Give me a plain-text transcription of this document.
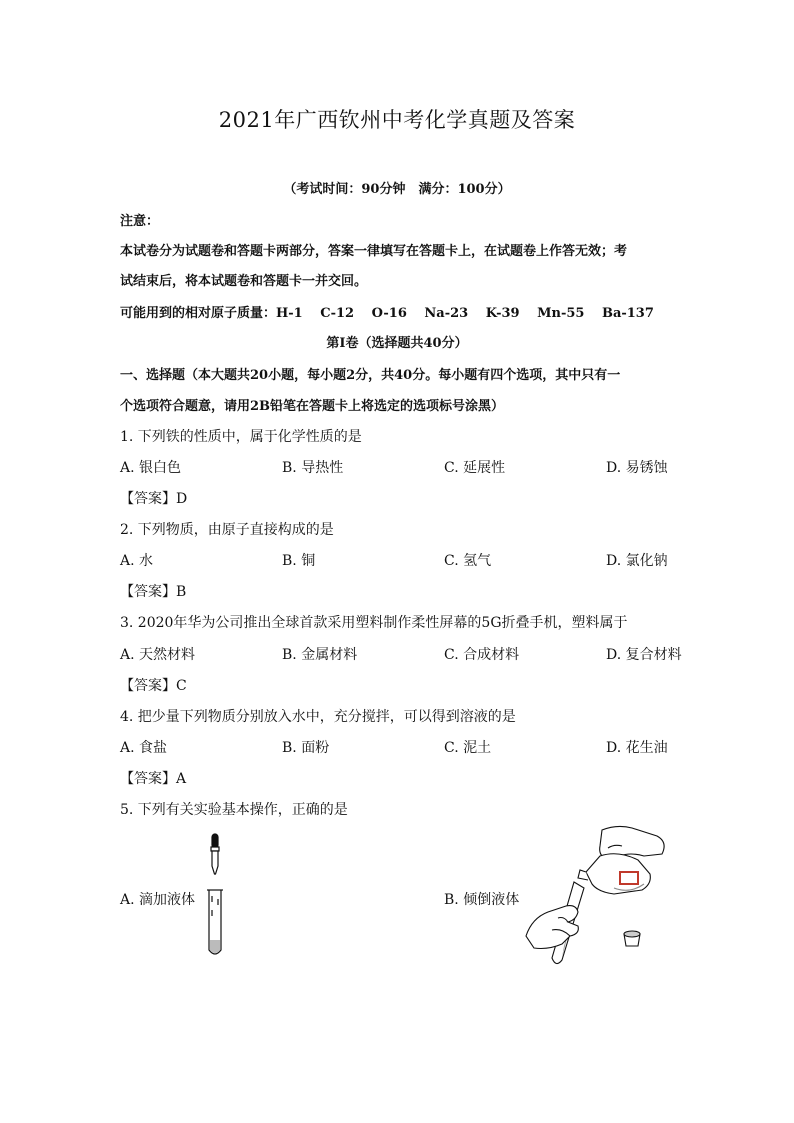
2021年广西钦州中考化学真题及答案
（考试时间：90分钟　满分：100分）
注意：
本试卷分为试题卷和答题卡两部分，答案一律填写在答题卡上，在试题卷上作答无效；考
试结束后，将本试题卷和答题卡一并交回。
可能用到的相对原子质量：H-1　 C-12　 O-16　 Na-23　 K-39　 Mn-55　 Ba-137
第Ⅰ卷（选择题共40分）
一、选择题（本大题共20小题，每小题2分，共40分。每小题有四个选项，其中只有一
个选项符合题意，请用2B铅笔在答题卡上将选定的选项标号涂黑）
1. 下列铁的性质中，属于化学性质的是
A. 银白色	B. 导热性	C. 延展性	D. 易锈蚀
【答案】D
2. 下列物质，由原子直接构成的是
A. 水	B. 铜	C. 氢气	D. 氯化钠
【答案】B
3. 2020年华为公司推出全球首款采用塑料制作柔性屏幕的5G折叠手机，塑料属于
A. 天然材料	B. 金属材料	C. 合成材料	D. 复合材料
【答案】C
4. 把少量下列物质分别放入水中，充分搅拌，可以得到溶液的是
A. 食盐	B. 面粉	C. 泥土	D. 花生油
【答案】A
5. 下列有关实验基本操作，正确的是
A. 滴加液体	B. 倾倒液体
